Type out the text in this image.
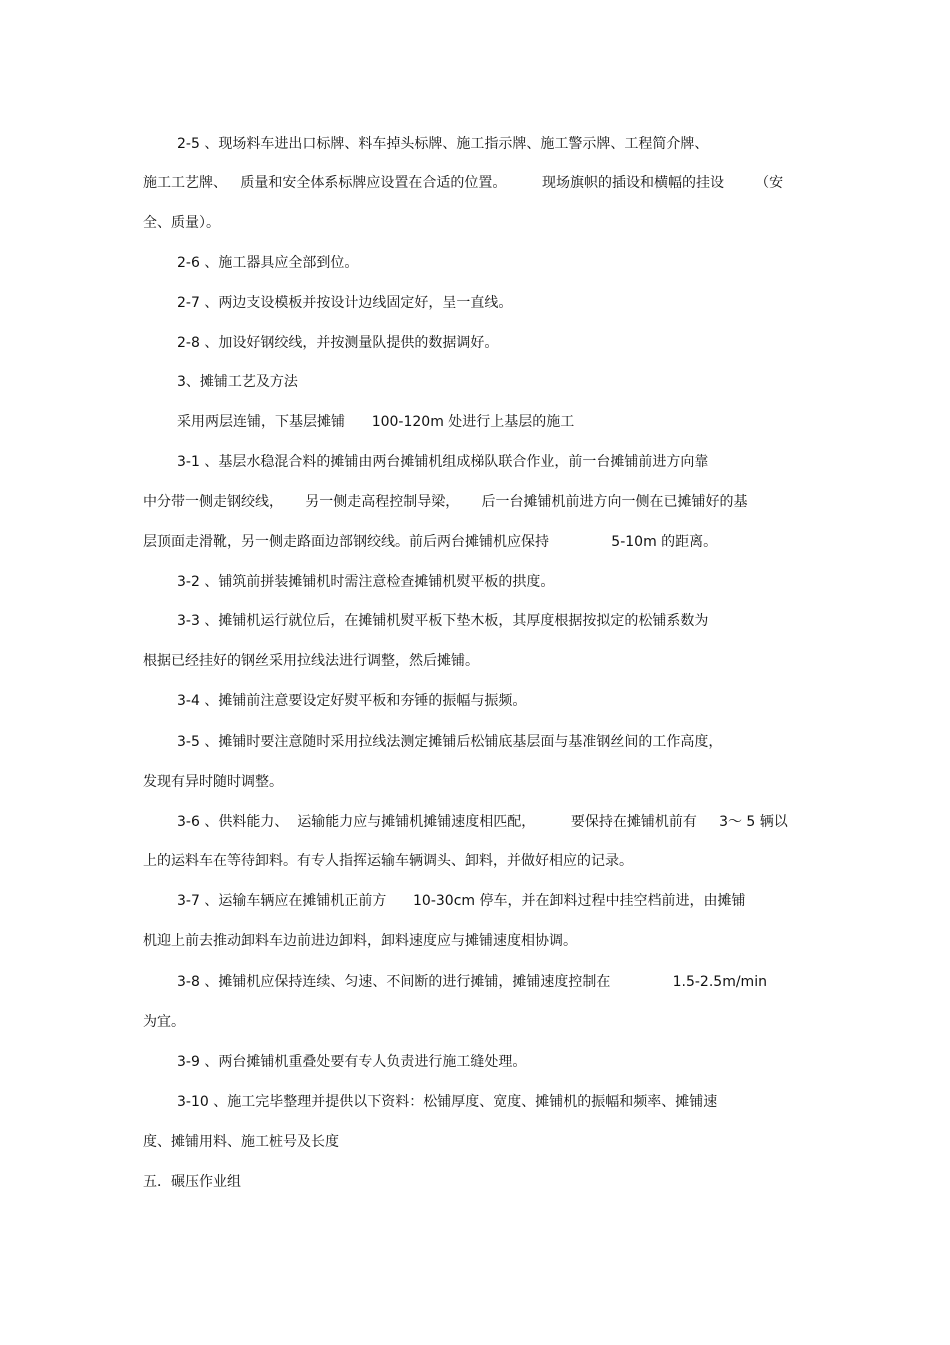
2-5 、现场料车进出口标牌、料车掉头标牌、施工指示牌、施工警示牌、工程简介牌、

施工工艺牌、   质量和安全体系标牌应设置在合适的位置。        现场旗帜的插设和横幅的挂设       （安

全、质量）。

2-6 、施工器具应全部到位。

2-7 、两边支设模板并按设计边线固定好，呈一直线。

2-8 、加设好钢绞线，并按测量队提供的数据调好。

3、摊铺工艺及方法

采用两层连铺，下基层摊铺      100-120m 处进行上基层的施工

3-1 、基层水稳混合料的摊铺由两台摊铺机组成梯队联合作业，前一台摊铺前进方向靠

中分带一侧走钢绞线，     另一侧走高程控制导梁，     后一台摊铺机前进方向一侧在已摊铺好的基

层顶面走滑靴，另一侧走路面边部钢绞线。前后两台摊铺机应保持              5-10m 的距离。

3-2 、铺筑前拼装摊铺机时需注意检查摊铺机熨平板的拱度。

3-3 、摊铺机运行就位后，在摊铺机熨平板下垫木板，其厚度根据按拟定的松铺系数为

根据已经挂好的钢丝采用拉线法进行调整，然后摊铺。

3-4 、摊铺前注意要设定好熨平板和夯锤的振幅与振频。

3-5 、摊铺时要注意随时采用拉线法测定摊铺后松铺底基层面与基准钢丝间的工作高度，

发现有异时随时调整。

3-6 、供料能力、  运输能力应与摊铺机摊铺速度相匹配，        要保持在摊铺机前有     3～ 5 辆以

上的运料车在等待卸料。有专人指挥运输车辆调头、卸料，并做好相应的记录。

3-7 、运输车辆应在摊铺机正前方      10-30cm 停车，并在卸料过程中挂空档前进，由摊铺

机迎上前去推动卸料车边前进边卸料，卸料速度应与摊铺速度相协调。

3-8 、摊铺机应保持连续、匀速、不间断的进行摊铺，摊铺速度控制在              1.5-2.5m/min

为宜。

3-9 、两台摊铺机重叠处要有专人负责进行施工缝处理。

3-10 、施工完毕整理并提供以下资料：松铺厚度、宽度、摊铺机的振幅和频率、摊铺速

度、摊铺用料、施工桩号及长度

五．碾压作业组
